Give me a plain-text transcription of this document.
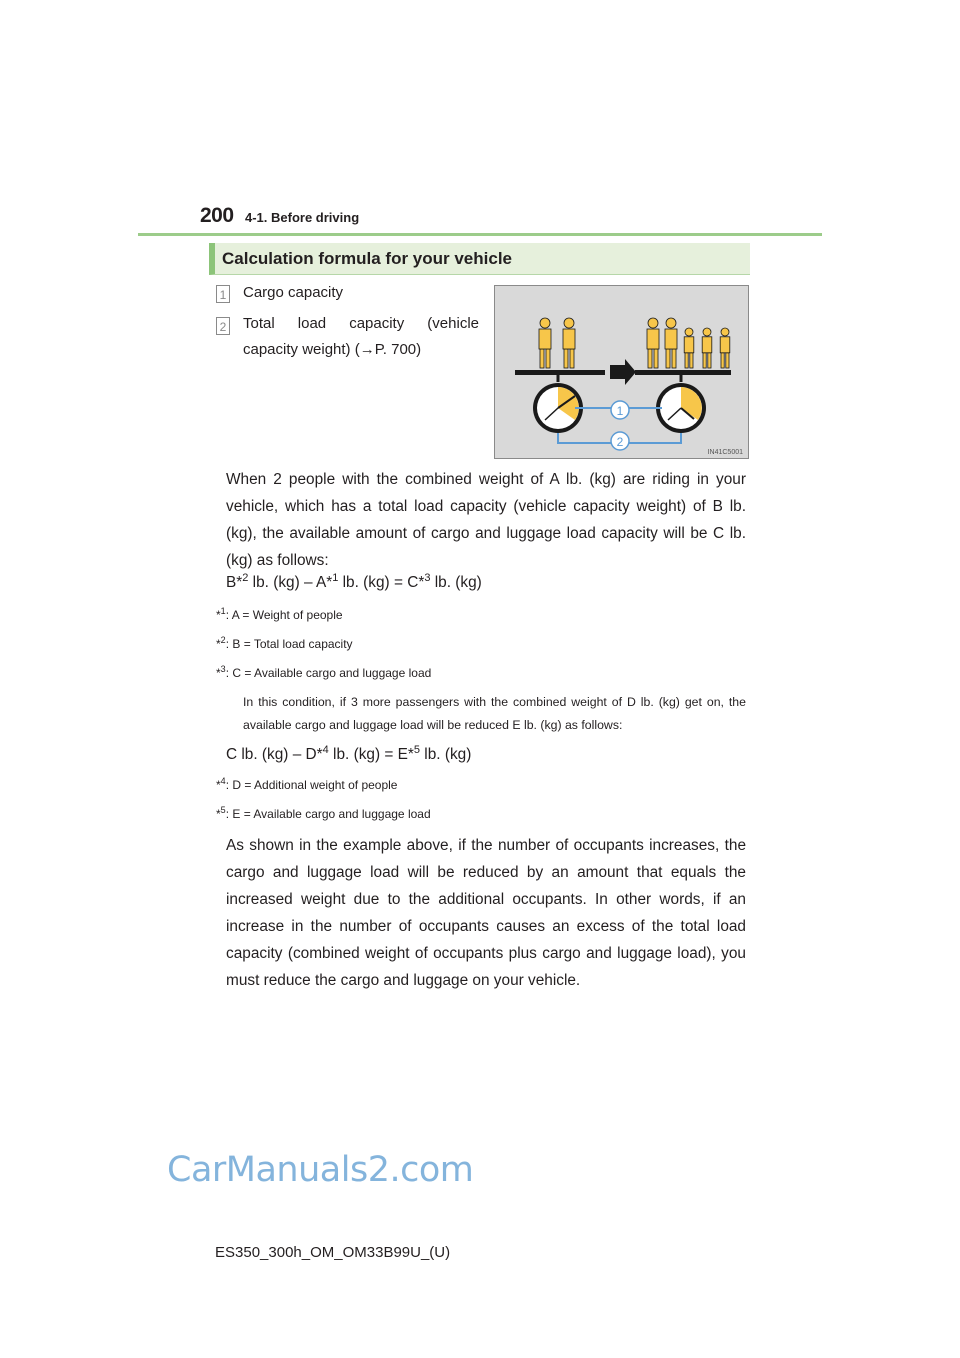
200 4-1. Before driving
Calculation formula for your vehicle
1 Cargo capacity
2 Total load capacity (vehicle
capacity weight) (→P. 700)
1
2
IN41C5001
When 2 people with the combined weight of A lb. (kg) are riding in your vehicle, which has a total load capacity (vehicle capacity weight) of B lb. (kg), the available amount of cargo and luggage load capacity will be C lb. (kg) as follows:
B*$^2$ lb. (kg) – A*$^1$ lb. (kg) = C*$^3$ lb. (kg)
*$^1$: A = Weight of people
*$^2$: B = Total load capacity
*$^3$: C = Available cargo and luggage load
In this condition, if 3 more passengers with the combined weight of D lb. (kg) get on, the available cargo and luggage load will be reduced E lb. (kg) as follows:
C lb. (kg) – D*$^4$ lb. (kg) = E*$^5$ lb. (kg)
*$^4$: D = Additional weight of people
*$^5$: E = Available cargo and luggage load
As shown in the example above, if the number of occupants increases, the cargo and luggage load will be reduced by an amount that equals the increased weight due to the additional occupants. In other words, if an increase in the number of occupants causes an excess of the total load capacity (combined weight of occupants plus cargo and luggage load), you must reduce the cargo and luggage on your vehicle.
CarManuals2.com
ES350_300h_OM_OM33B99U_(U)
